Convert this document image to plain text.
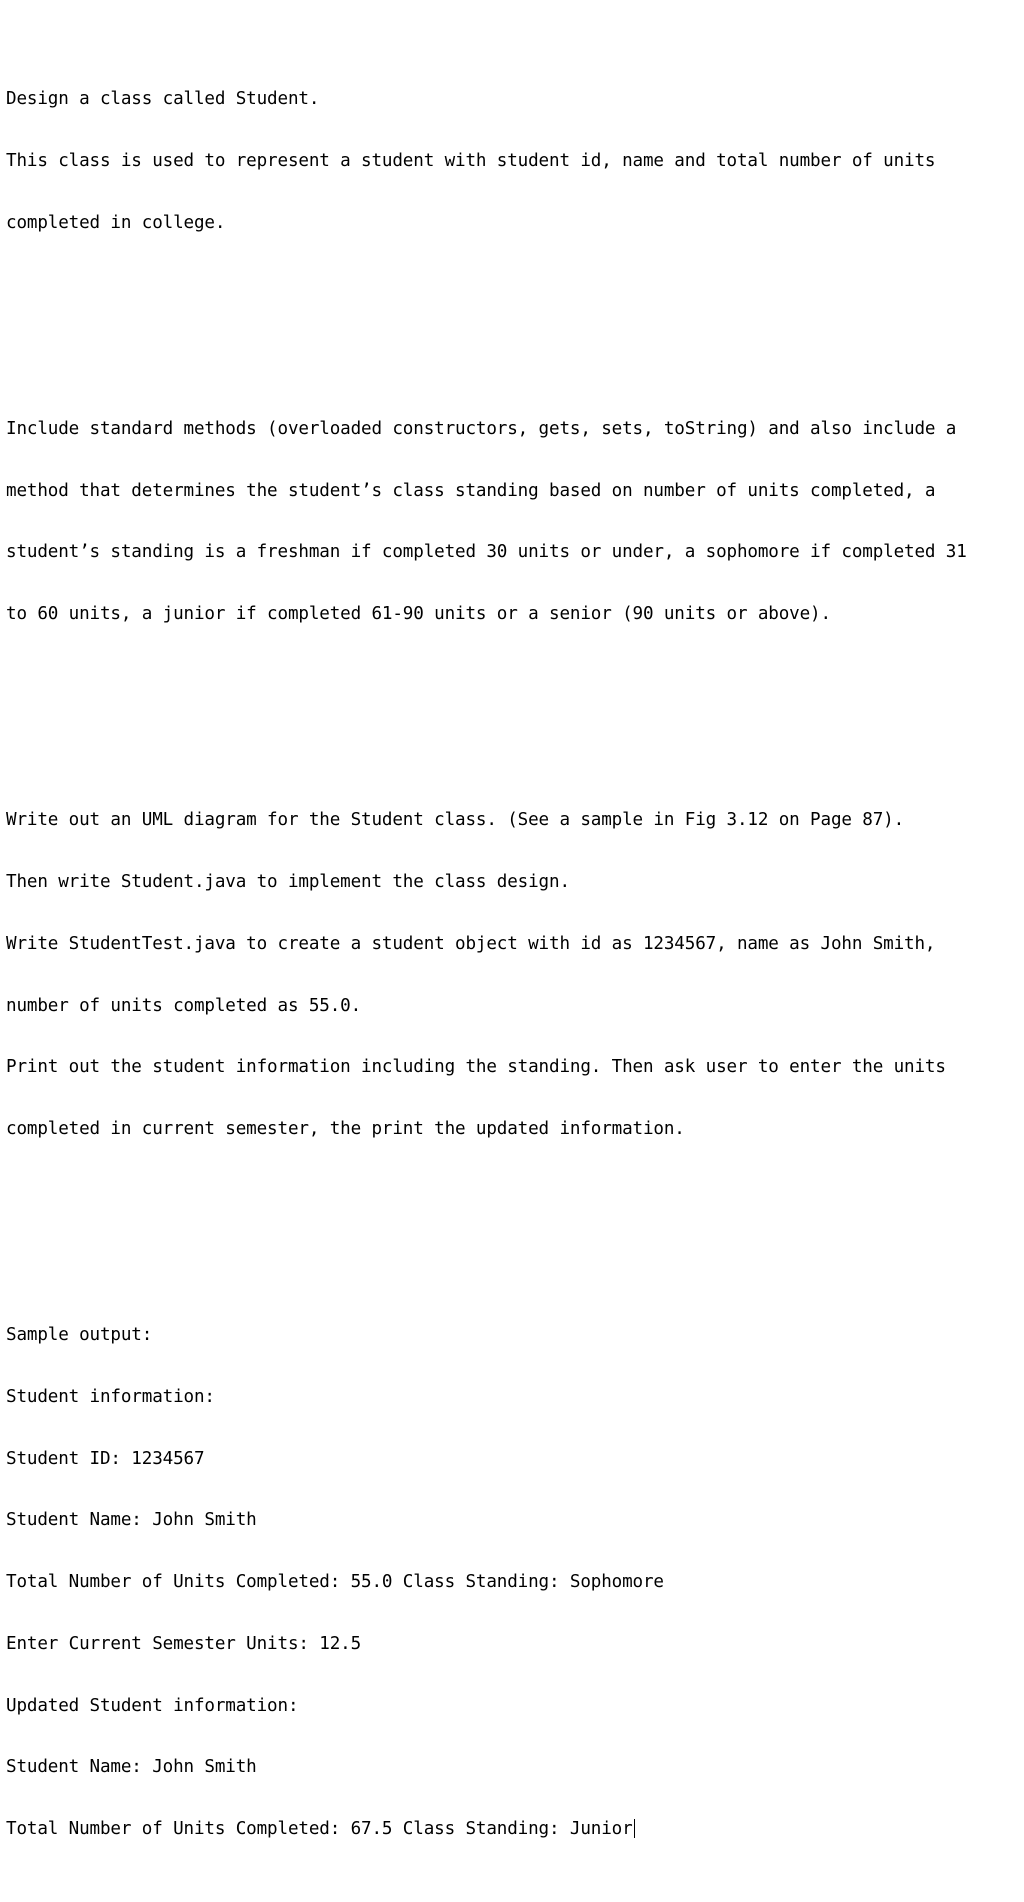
Design a class called Student.

This class is used to represent a student with student id, name and total number of units

completed in college.

Include standard methods (overloaded constructors, gets, sets, toString) and also include a

method that determines the student’s class standing based on number of units completed, a

student’s standing is a freshman if completed 30 units or under, a sophomore if completed 31

to 60 units, a junior if completed 61-90 units or a senior (90 units or above).

Write out an UML diagram for the Student class. (See a sample in Fig 3.12 on Page 87).

Then write Student.java to implement the class design.

Write StudentTest.java to create a student object with id as 1234567, name as John Smith,

number of units completed as 55.0.

Print out the student information including the standing. Then ask user to enter the units

completed in current semester, the print the updated information.

Sample output:

Student information:

Student ID: 1234567

Student Name: John Smith

Total Number of Units Completed: 55.0 Class Standing: Sophomore

Enter Current Semester Units: 12.5

Updated Student information:

Student Name: John Smith

Total Number of Units Completed: 67.5 Class Standing: Junior
